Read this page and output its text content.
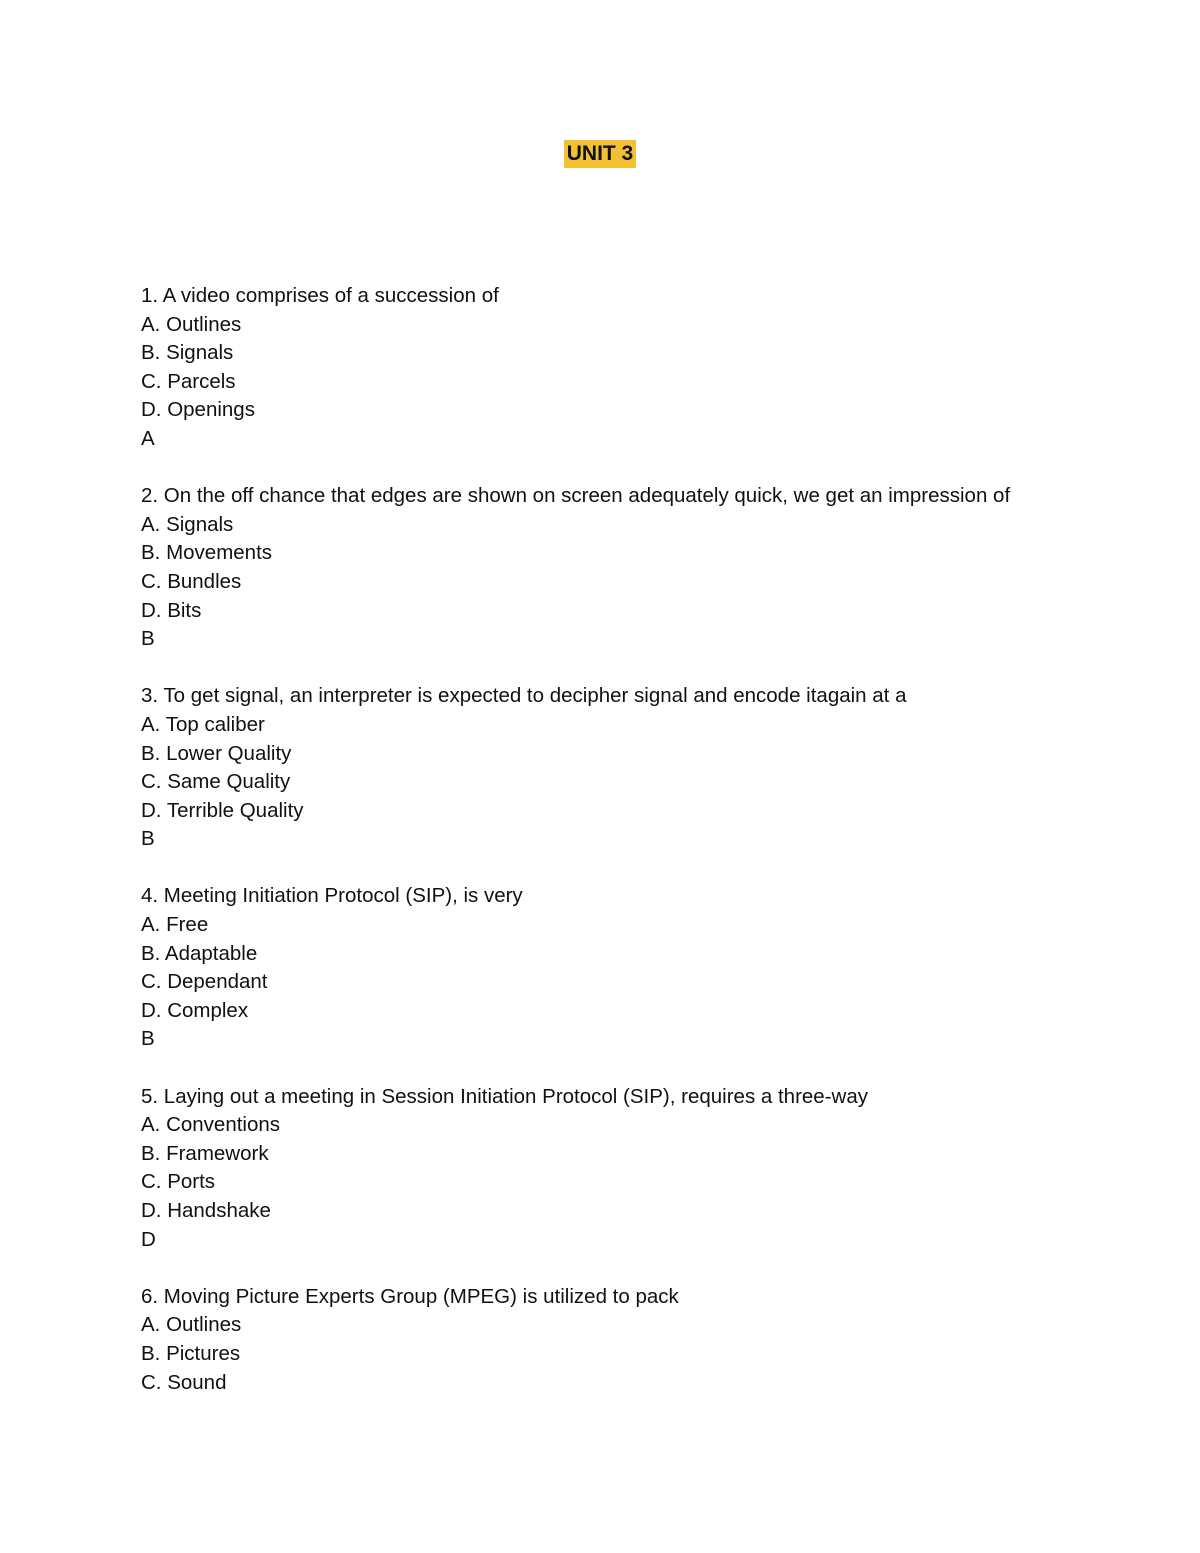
UNIT 3
1. A video comprises of a succession of
A. Outlines
B. Signals
C. Parcels
D. Openings
A
2. On the off chance that edges are shown on screen adequately quick, we get an impression of
A. Signals
B. Movements
C. Bundles
D. Bits
B
3. To get signal, an interpreter is expected to decipher signal and encode itagain at a
A. Top caliber
B. Lower Quality
C. Same Quality
D. Terrible Quality
B
4. Meeting Initiation Protocol (SIP), is very
A. Free
B. Adaptable
C. Dependant
D. Complex
B
5. Laying out a meeting in Session Initiation Protocol (SIP), requires a three-way
A. Conventions
B. Framework
C. Ports
D. Handshake
D
6. Moving Picture Experts Group (MPEG) is utilized to pack
A. Outlines
B. Pictures
C. Sound
